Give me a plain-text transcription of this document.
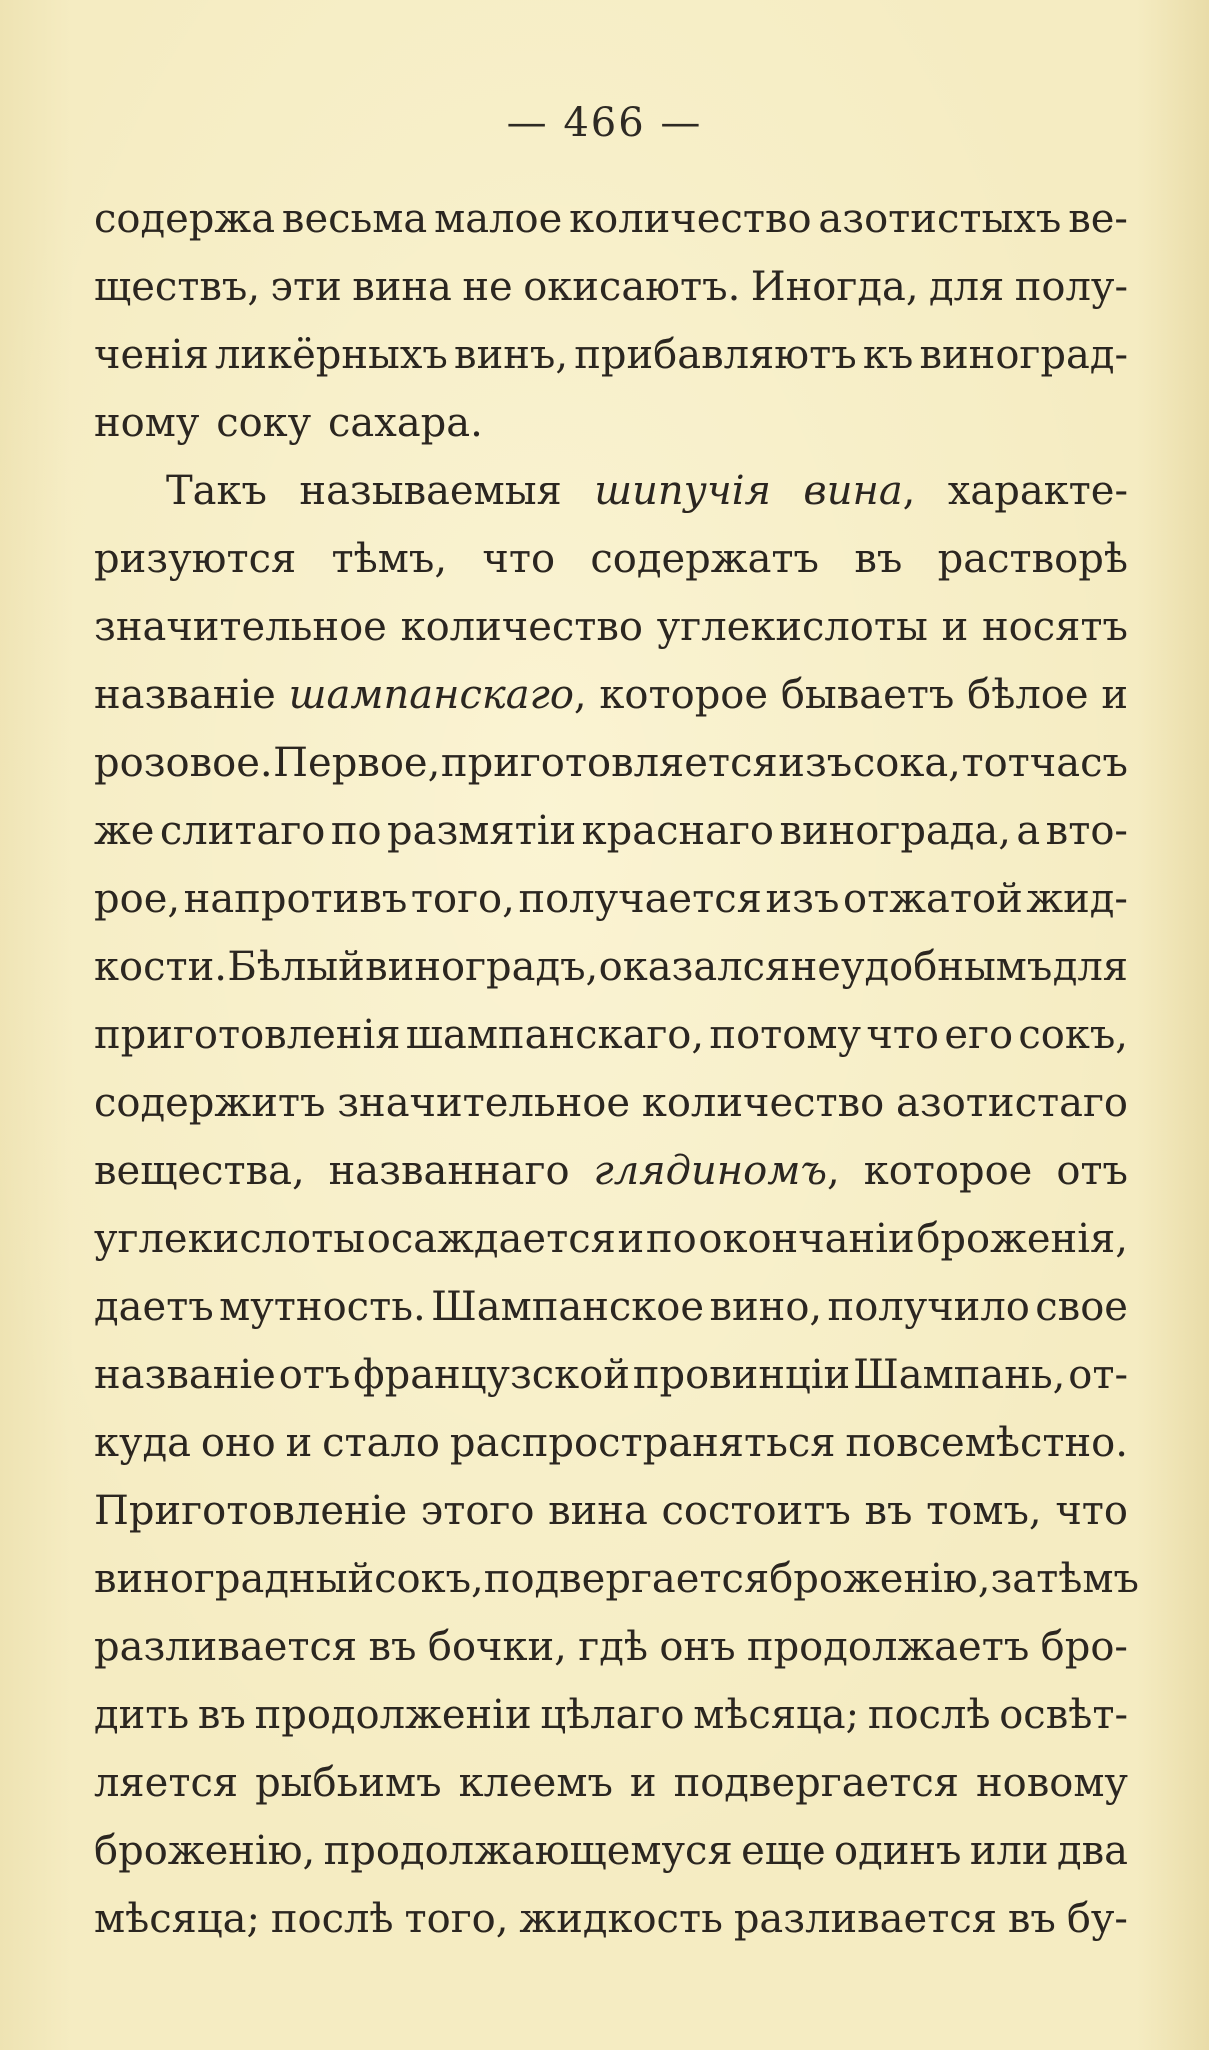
— 466 —
содержа весьма малое количество азотистыхъ ве-
ществъ, эти вина не окисаютъ. Иногда, для полу-
ченія ликёрныхъ винъ, прибавляютъ къ виноград-
ному соку сахара.
Такъ называемыя шипучія вина, характе-
ризуются тѣмъ, что содержатъ въ растворѣ
значительное количество углекислоты и носятъ
названіе шампанскаго, которое бываетъ бѣлое и
розовое. Первое, приготовляется изъ сока, тотчасъ
же слитаго по размятіи краснаго винограда, а вто-
рое, напротивъ того, получается изъ отжатой жид-
кости. Бѣлый виноградъ, оказался неудобнымъ для
приготовленія шампанскаго, потому что его сокъ,
содержитъ значительное количество азотистаго
вещества, названнаго глядиномъ, которое отъ
углекислоты осаждается и по окончаніи броженія,
даетъ мутность. Шампанское вино, получило свое
названіе отъ французской провинціи Шампань, от-
куда оно и стало распространяться повсемѣстно.
Приготовленіе этого вина состоитъ въ томъ, что
виноградный сокъ, подвергается броженію, затѣмъ
разливается въ бочки, гдѣ онъ продолжаетъ бро-
дить въ продолженіи цѣлаго мѣсяца; послѣ освѣт-
ляется рыбьимъ клеемъ и подвергается новому
броженію, продолжающемуся еще одинъ или два
мѣсяца; послѣ того, жидкость разливается въ бу-
